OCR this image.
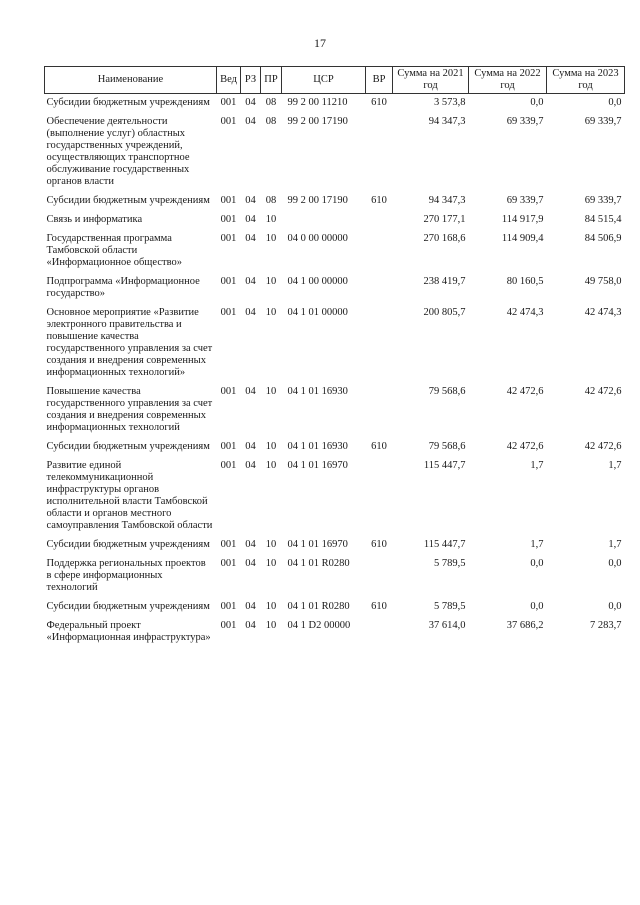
17
Наименование	Вед	РЗ	ПР	ЦСР	ВР	Сумма на 2021 год	Сумма на 2022 год	Сумма на 2023 год
Субсидии бюджетным учреждениям	001	04	08	99 2 00 11210	610	3 573,8	0,0	0,0
Обеспечение деятельности (выполнение услуг) областных государственных учреждений, осуществляющих транспортное обслуживание государственных органов власти	001	04	08	99 2 00 17190		94 347,3	69 339,7	69 339,7
Субсидии бюджетным учреждениям	001	04	08	99 2 00 17190	610	94 347,3	69 339,7	69 339,7
Связь и информатика	001	04	10			270 177,1	114 917,9	84 515,4
Государственная программа Тамбовской области «Информационное общество»	001	04	10	04 0 00 00000		270 168,6	114 909,4	84 506,9
Подпрограмма «Информационное государство»	001	04	10	04 1 00 00000		238 419,7	80 160,5	49 758,0
Основное мероприятие «Развитие электронного правительства и повышение качества государственного управления за счет создания и внедрения современных информационных технологий»	001	04	10	04 1 01 00000		200 805,7	42 474,3	42 474,3
Повышение качества государственного управления за счет создания и внедрения современных информационных технологий	001	04	10	04 1 01 16930		79 568,6	42 472,6	42 472,6
Субсидии бюджетным учреждениям	001	04	10	04 1 01 16930	610	79 568,6	42 472,6	42 472,6
Развитие единой телекоммуникационной инфраструктуры органов исполнительной власти Тамбовской области и органов местного самоуправления Тамбовской области	001	04	10	04 1 01 16970		115 447,7	1,7	1,7
Субсидии бюджетным учреждениям	001	04	10	04 1 01 16970	610	115 447,7	1,7	1,7
Поддержка региональных проектов в сфере информационных технологий	001	04	10	04 1 01 R0280		5 789,5	0,0	0,0
Субсидии бюджетным учреждениям	001	04	10	04 1 01 R0280	610	5 789,5	0,0	0,0
Федеральный проект «Информационная инфраструктура»	001	04	10	04 1 D2 00000		37 614,0	37 686,2	7 283,7
